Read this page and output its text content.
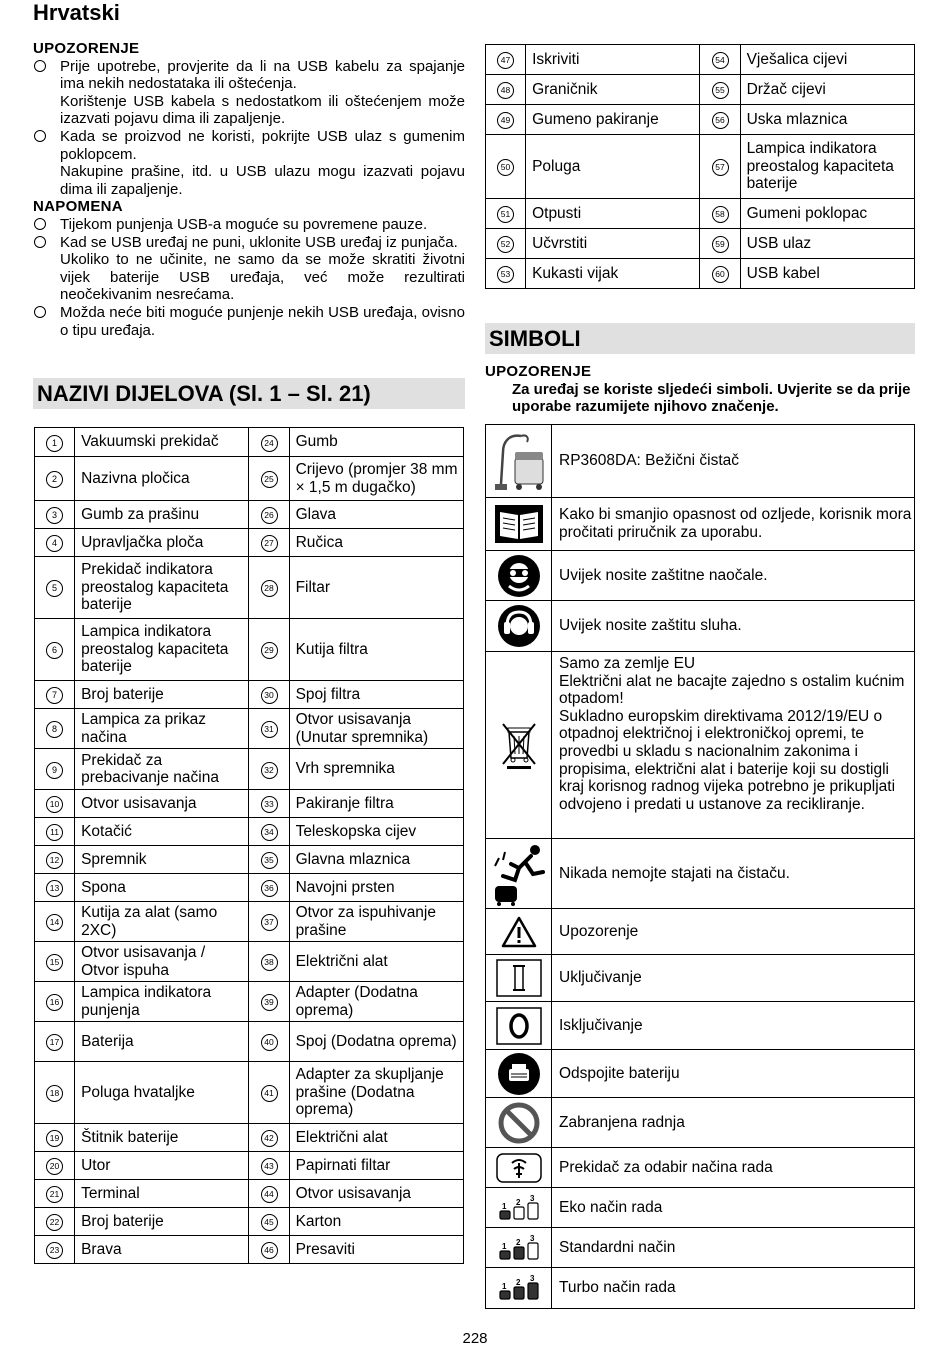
Hrvatski
UPOZORENJE
Prije upotrebe, provjerite da li na USB kabelu za spajanje ima nekih nedostataka ili oštećenja.
Korištenje USB kabela s nedostatkom ili oštećenjem može izazvati pojavu dima ili zapaljenje.
Kada se proizvod ne koristi, pokrijte USB ulaz s gumenim poklopcem.
Nakupine prašine, itd. u USB ulazu mogu izazvati pojavu dima ili zapaljenje.
NAPOMENA
Tijekom punjenja USB-a moguće su povremene pauze.
Kad se USB uređaj ne puni, uklonite USB uređaj iz punjača.
Ukoliko to ne učinite, ne samo da se može skratiti životni vijek baterije USB uređaja, već može rezultirati neočekivanim nesrećama.
Možda neće biti moguće punjenje nekih USB uređaja, ovisno o tipu uređaja.
NAZIVI DIJELOVA (Sl. 1 – Sl. 21)
1	Vakuumski prekidač	24	Gumb
2	Nazivna pločica	25	Crijevo (promjer 38 mm × 1,5 m dugačko)
3	Gumb za prašinu	26	Glava
4	Upravljačka ploča	27	Ručica
5	Prekidač indikatora preostalog kapaciteta baterije	28	Filtar
6	Lampica indikatora preostalog kapaciteta baterije	29	Kutija filtra
7	Broj baterije	30	Spoj filtra
8	Lampica za prikaz načina	31	Otvor usisavanja (Unutar spremnika)
9	Prekidač za prebacivanje načina	32	Vrh spremnika
10	Otvor usisavanja	33	Pakiranje filtra
11	Kotačić	34	Teleskopska cijev
12	Spremnik	35	Glavna mlaznica
13	Spona	36	Navojni prsten
14	Kutija za alat (samo 2XC)	37	Otvor za ispuhivanje prašine
15	Otvor usisavanja / Otvor ispuha	38	Električni alat
16	Lampica indikatora punjenja	39	Adapter (Dodatna oprema)
17	Baterija	40	Spoj (Dodatna oprema)
18	Poluga hvataljke	41	Adapter za skupljanje prašine (Dodatna oprema)
19	Štitnik baterije	42	Električni alat
20	Utor	43	Papirnati filtar
21	Terminal	44	Otvor usisavanja
22	Broj baterije	45	Karton
23	Brava	46	Presaviti
47	Iskriviti	54	Vješalica cijevi
48	Graničnik	55	Držač cijevi
49	Gumeno pakiranje	56	Uska mlaznica
50	Poluga	57	Lampica indikatora preostalog kapaciteta baterije
51	Otpusti	58	Gumeni poklopac
52	Učvrstiti	59	USB ulaz
53	Kukasti vijak	60	USB kabel
SIMBOLI
UPOZORENJE
Za uređaj se koriste sljedeći simboli. Uvjerite se da prije uporabe razumijete njihovo značenje.
	RP3608DA: Bežični čistač

	Kako bi smanjio opasnost od ozljede, korisnik mora pročitati priručnik za uporabu.

	Uvijek nosite zaštitne naočale.

	Uvijek nosite zaštitu sluha.

	Samo za zemlje EU
Električni alat ne bacajte zajedno s ostalim kućnim otpadom!
Sukladno europskim direktivama 2012/19/EU o otpadnoj električnoj i elektroničkoj opremi, te provedbi u skladu s nacionalnim zakonima i propisima, električni alat i baterije koji su dostigli kraj korisnog radnog vijeka potrebno je prikupljati odvojeno i predati u ustanove za recikliranje.

	Nikada nemojte stajati na čistaču.

	Upozorenje

	Uključivanje

	Isključivanje

	Odspojite bateriju

	Zabranjena radnja

	Prekidač za odabir načina rada

1 2 3	Eko način rada

1 2 3	Standardni način

1 2 3	Turbo način rada
228
